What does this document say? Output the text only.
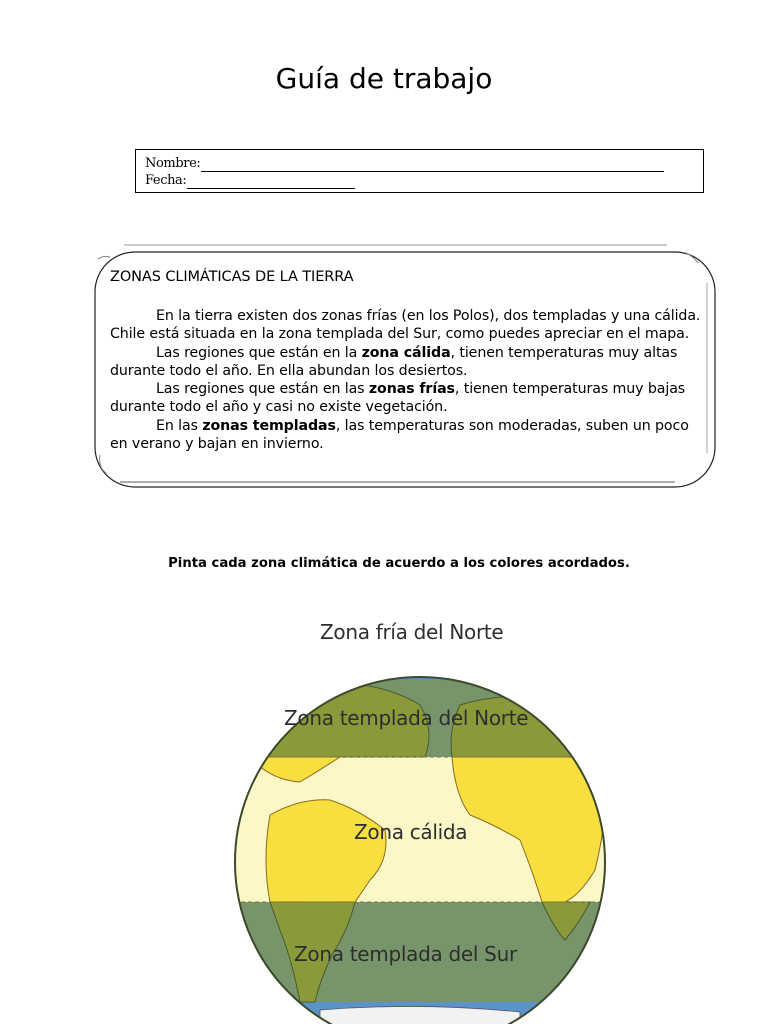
Guía de trabajo
Nombre:
Fecha:
ZONAS CLIMÁTICAS DE LA TIERRA

En la tierra existen dos zonas frías (en los Polos), dos templadas y una cálida. Chile está situada en la zona templada del Sur, como puedes apreciar en el mapa.

Las regiones que están en la zona cálida, tienen temperaturas muy altas durante todo el año. En ella abundan los desiertos.

Las regiones que están en las zonas frías, tienen temperaturas muy bajas durante todo el año y casi no existe vegetación.

En las zonas templadas, las temperaturas son moderadas, suben un poco en verano y bajan en invierno.

Pinta cada zona climática de acuerdo a los colores acordados.
Zona fría del Norte
Zona templada del Norte
Zona cálida
Zona templada del Sur
